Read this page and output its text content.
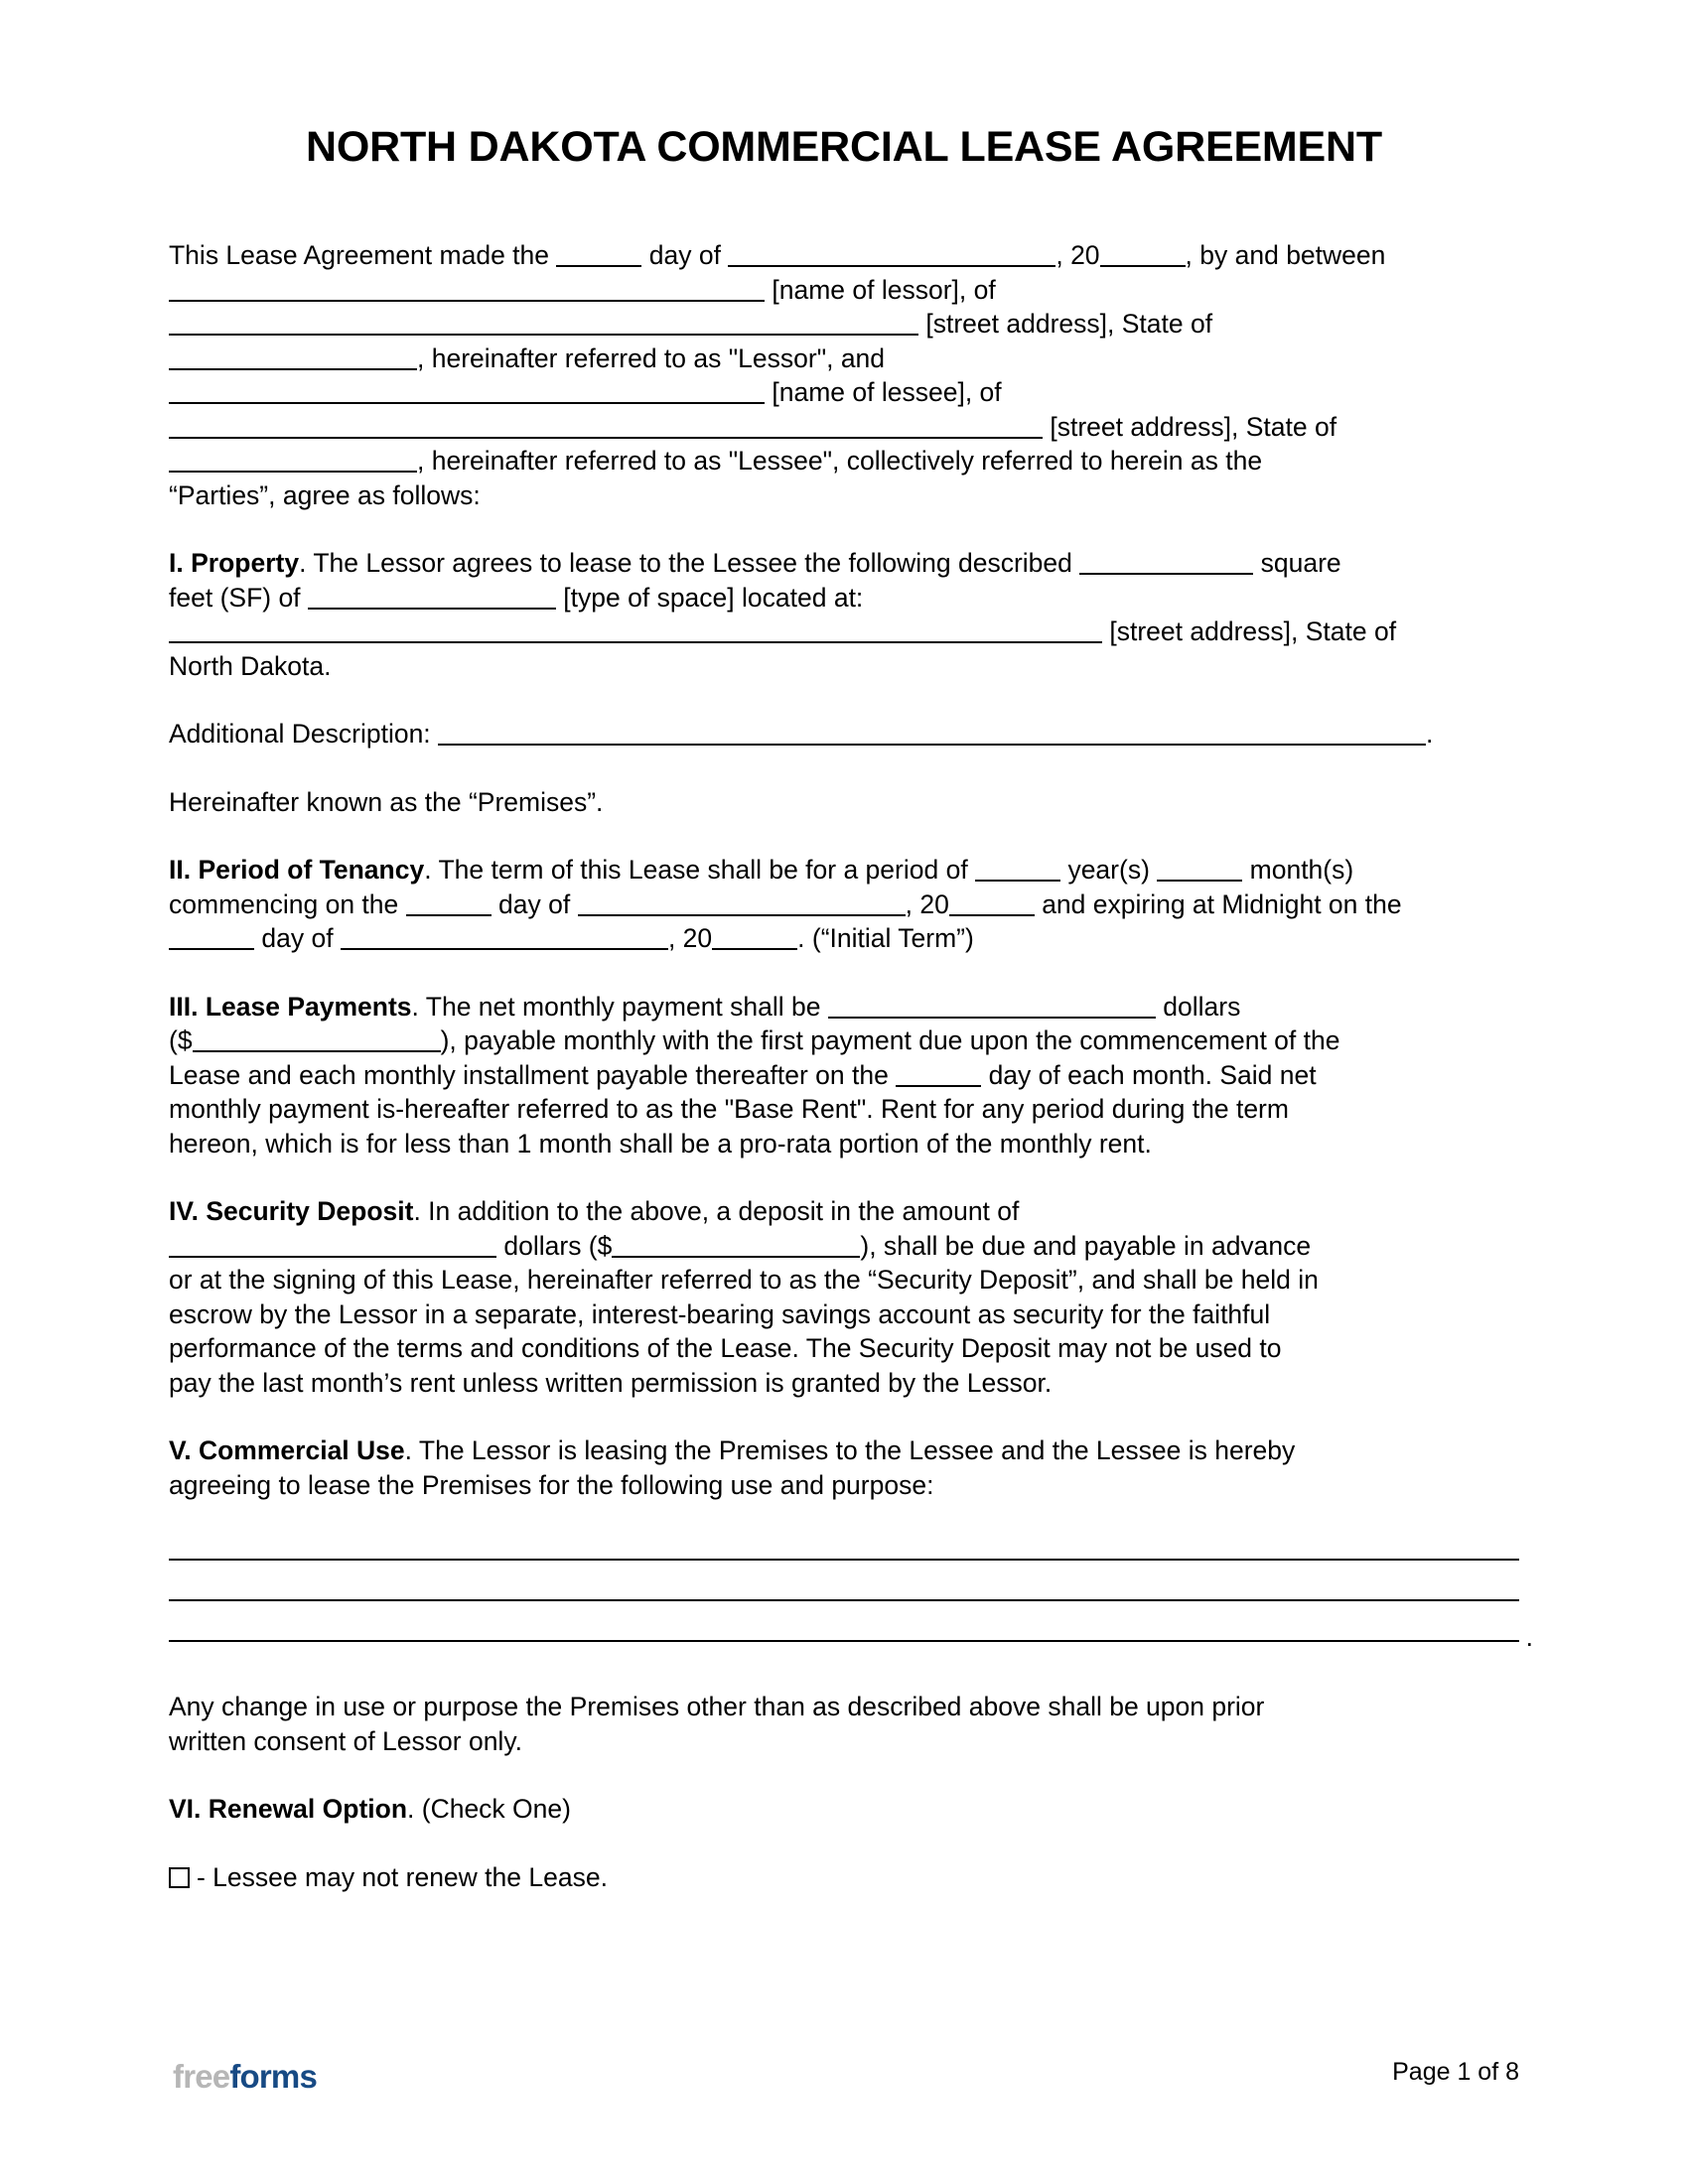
NORTH DAKOTA COMMERCIAL LEASE AGREEMENT

This Lease Agreement made the	day of	, 20	, by and between
[name of lessor], of
[street address], State of
, hereinafter referred to as "Lessor", and
[name of lessee], of
[street address], State of
, hereinafter referred to as "Lessee", collectively referred to herein as the
“Parties”, agree as follows:

I. Property. The Lessor agrees to lease to the Lessee the following described	square
feet (SF) of	[type of space] located at:
[street address], State of
North Dakota.

Additional Description:	.

Hereinafter known as the “Premises”.

II. Period of Tenancy. The term of this Lease shall be for a period of	year(s)	month(s)
commencing on the	day of	, 20	and expiring at Midnight on the
day of	, 20	. (“Initial Term”)

III. Lease Payments. The net monthly payment shall be	dollars
($	), payable monthly with the first payment due upon the commencement of the
Lease and each monthly installment payable thereafter on the	day of each month. Said net
monthly payment is-hereafter referred to as the "Base Rent". Rent for any period during the term
hereon, which is for less than 1 month shall be a pro-rata portion of the monthly rent.

IV. Security Deposit. In addition to the above, a deposit in the amount of
dollars ($	), shall be due and payable in advance
or at the signing of this Lease, hereinafter referred to as the “Security Deposit”, and shall be held in
escrow by the Lessor in a separate, interest-bearing savings account as security for the faithful
performance of the terms and conditions of the Lease. The Security Deposit may not be used to
pay the last month’s rent unless written permission is granted by the Lessor.

V. Commercial Use. The Lessor is leasing the Premises to the Lessee and the Lessee is hereby
agreeing to lease the Premises for the following use and purpose:

.

Any change in use or purpose the Premises other than as described above shall be upon prior
written consent of Lessor only.

VI. Renewal Option. (Check One)

- Lessee may not renew the Lease.

freeforms	Page 1 of 8
